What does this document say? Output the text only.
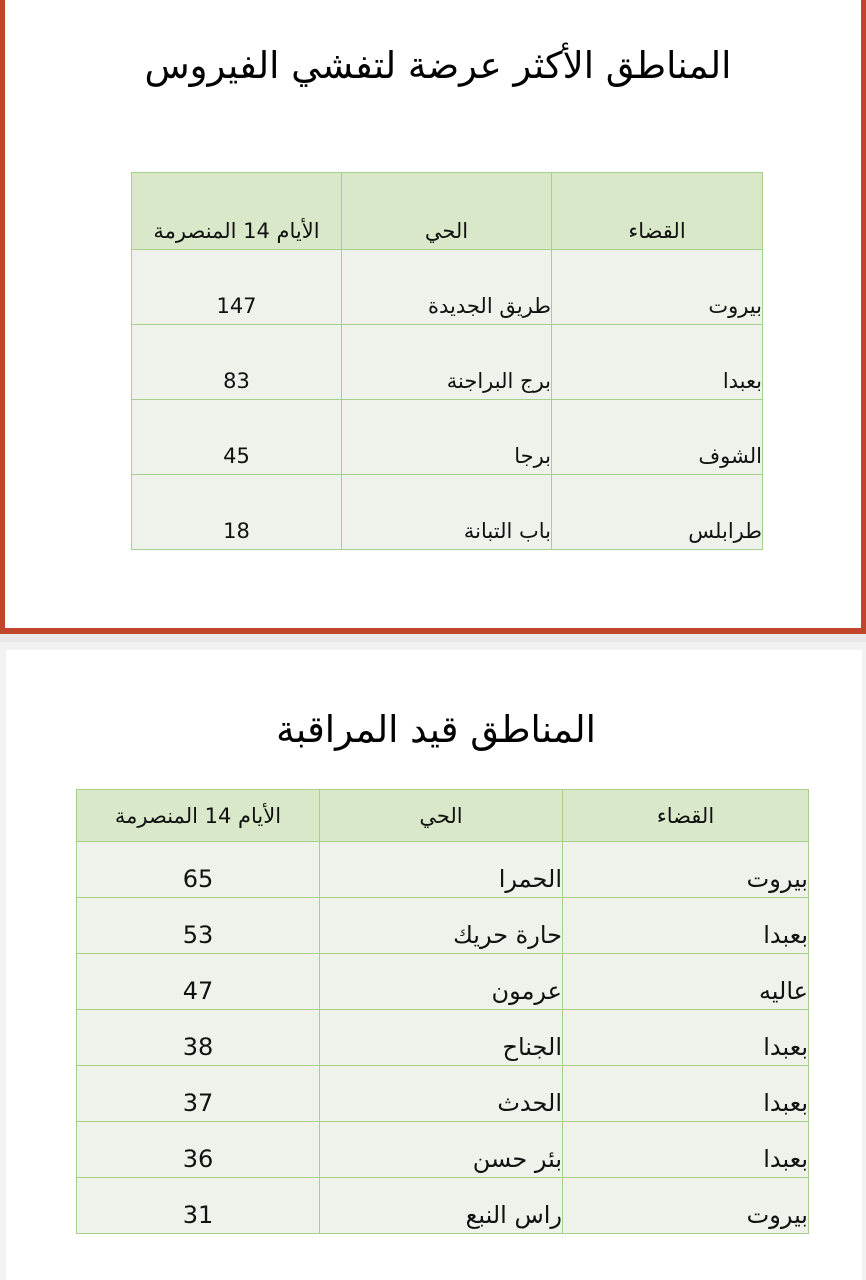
المناطق الأكثر عرضة لتفشي الفيروس
الأيام 14 المنصرمة	الحي	القضاء
147	طريق الجديدة	بيروت
83	برج البراجنة	بعبدا
45	برجا	الشوف
18	باب التبانة	طرابلس
المناطق قيد المراقبة
الأيام 14 المنصرمة	الحي	القضاء
65	الحمرا	بيروت
53	حارة حريك	بعبدا
47	عرمون	عاليه
38	الجناح	بعبدا
37	الحدث	بعبدا
36	بئر حسن	بعبدا
31	راس النبع	بيروت
